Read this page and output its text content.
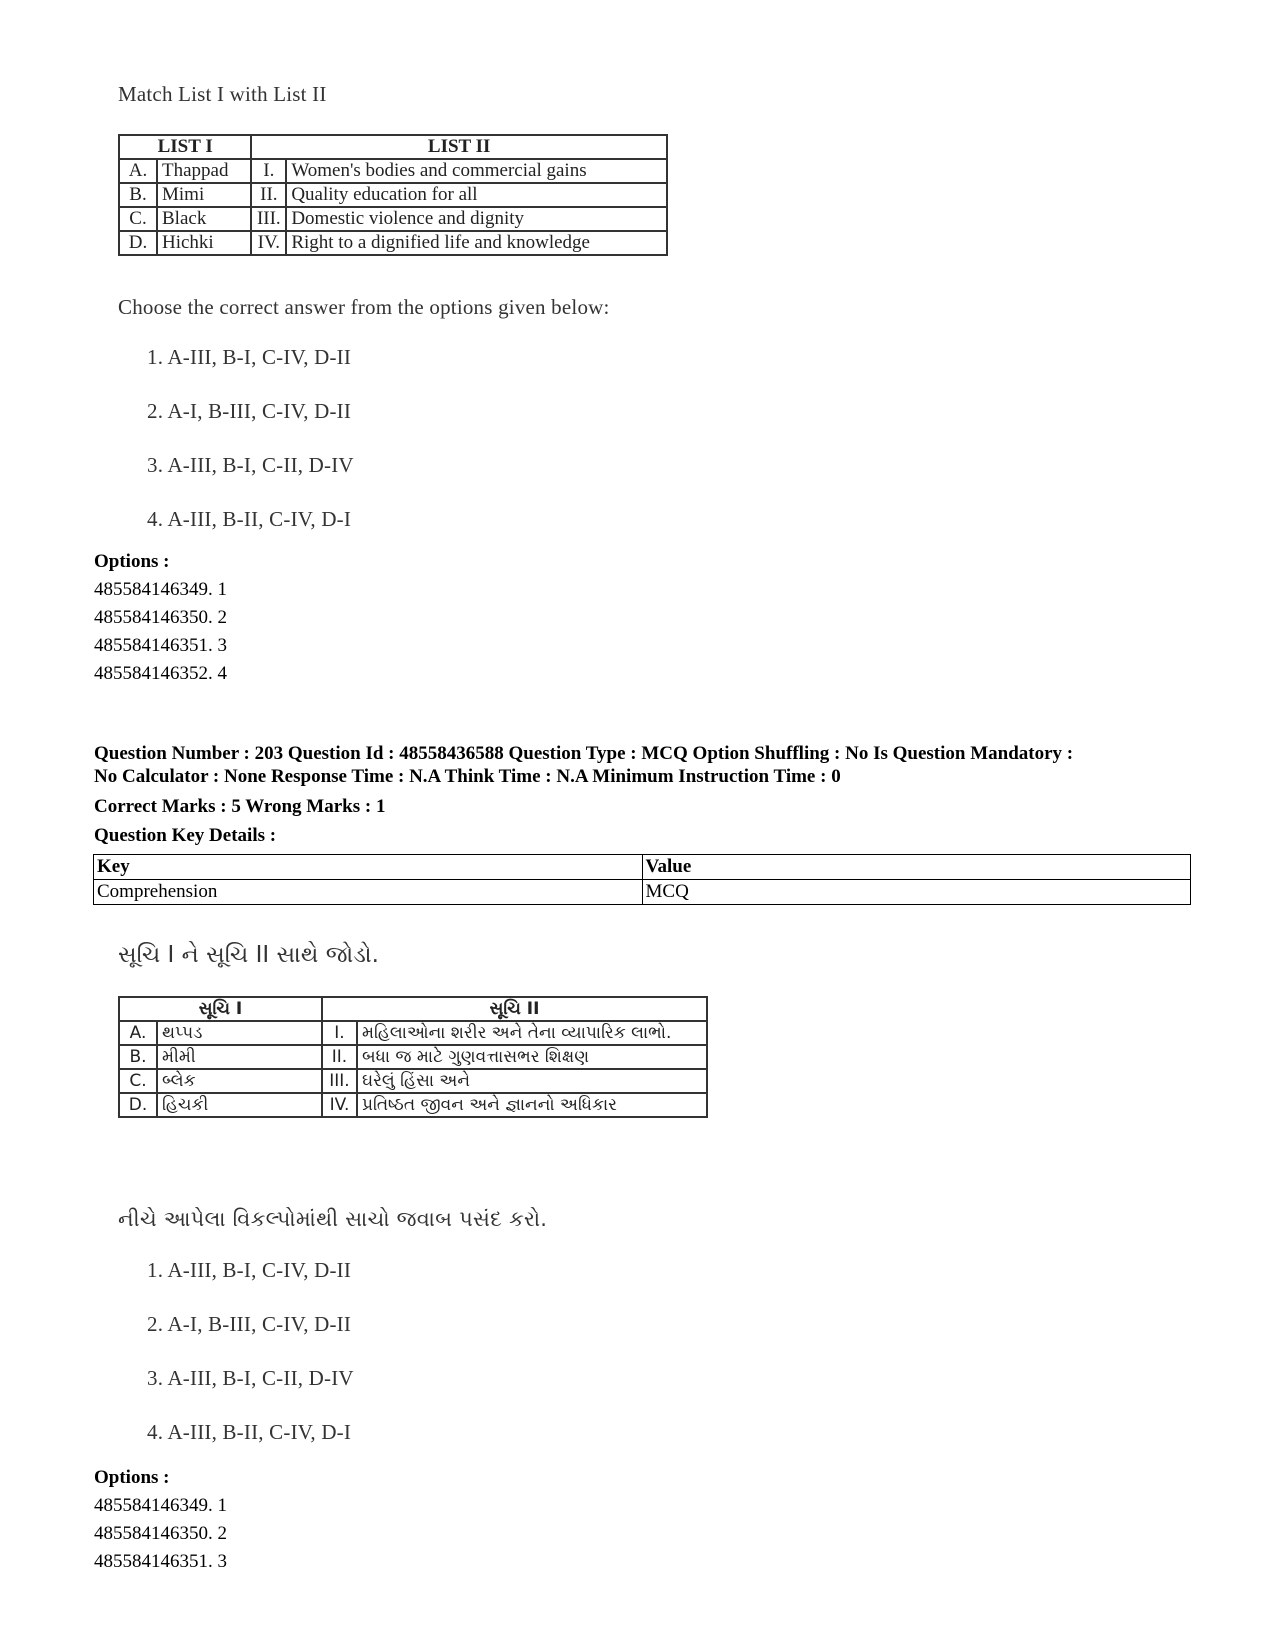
Match List I with List II
LIST I		LIST II	
A.	Thappad	I.	Women's bodies and commercial gains
B.	Mimi	II.	Quality education for all
C.	Black	III.	Domestic violence and dignity
D.	Hichki	IV.	Right to a dignified life and knowledge
Choose the correct answer from the options given below:
1. A-III, B-I, C-IV, D-II
2. A-I, B-III, C-IV, D-II
3. A-III, B-I, C-II, D-IV
4. A-III, B-II, C-IV, D-I
Options :
485584146349. 1
485584146350. 2
485584146351. 3
485584146352. 4
Question Number : 203 Question Id : 48558436588 Question Type : MCQ Option Shuffling : No Is Question Mandatory :
No Calculator : None Response Time : N.A Think Time : N.A Minimum Instruction Time : 0
Correct Marks : 5 Wrong Marks : 1
Question Key Details :
Key	Value
Comprehension	MCQ
સૂચિ I ને સૂચિ II સાથે જોડો.
સૂચિ I		સૂચિ II	
A.	થપ્પડ	I.	મહિલાઓના શરીર અને તેના વ્યાપારિક લાભો.
B.	મીમી	II.	બધા જ માટે ગુણવત્તાસભર શિક્ષણ
C.	બ્લેક	III.	ઘરેલું હિંસા અને
D.	હિચકી	IV.	પ્રતિષ્ઠત જીવન અને જ્ઞાનનો અધિકાર
નીચે આપેલા વિકલ્પોમાંથી સાચો જવાબ પસંદ કરો.
1. A-III, B-I, C-IV, D-II
2. A-I, B-III, C-IV, D-II
3. A-III, B-I, C-II, D-IV
4. A-III, B-II, C-IV, D-I
Options :
485584146349. 1
485584146350. 2
485584146351. 3
